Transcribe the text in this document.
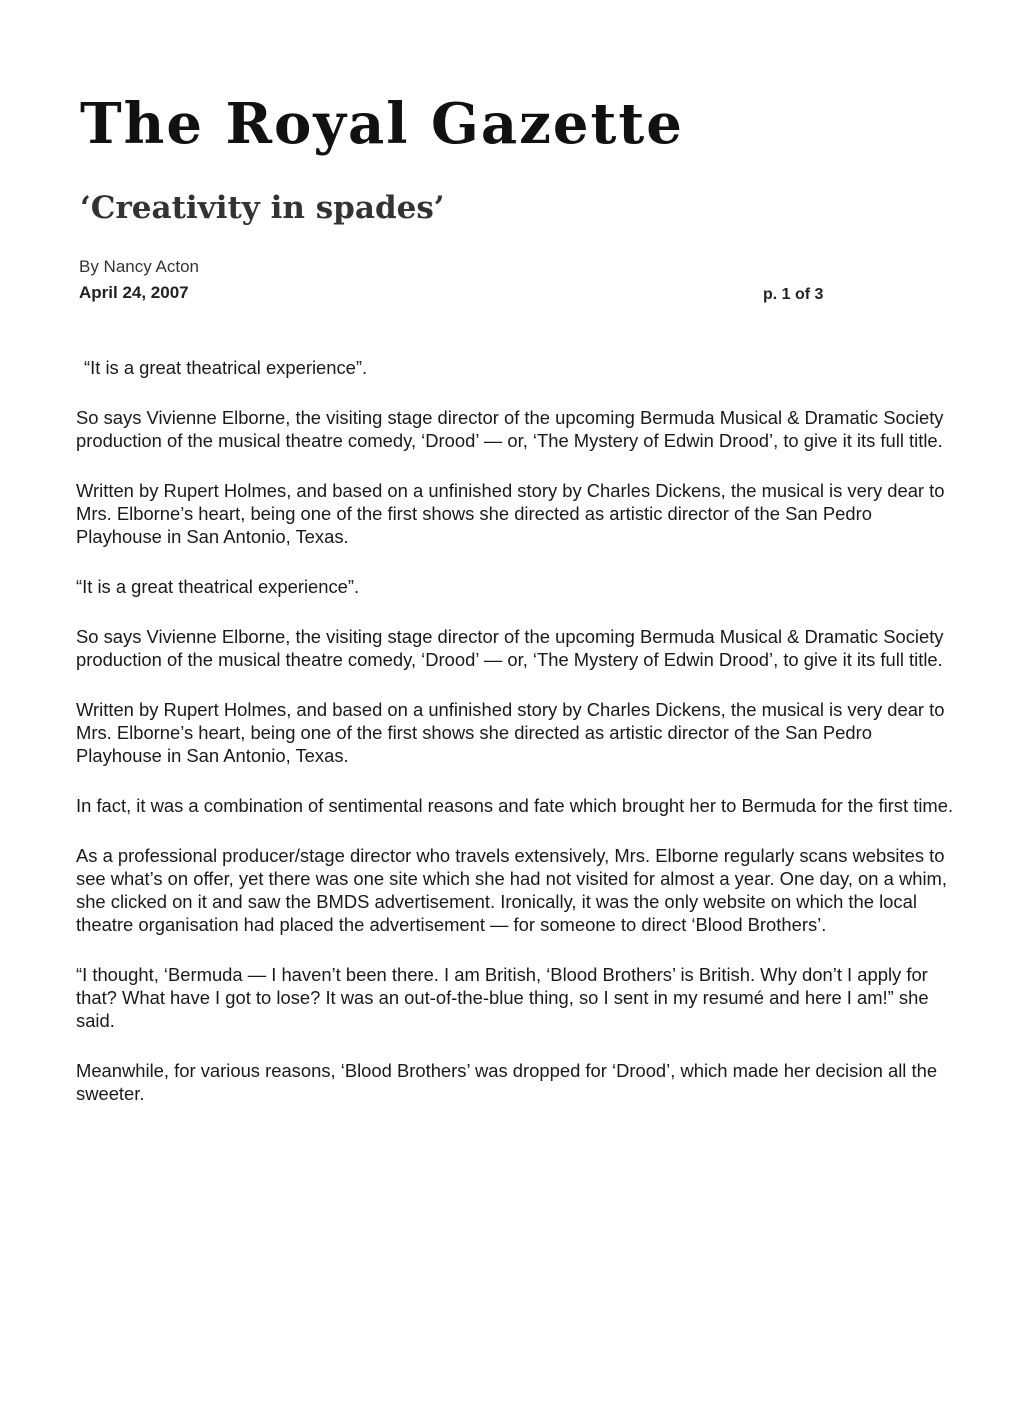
The Royal Gazette
‘Creativity in spades’
By Nancy Acton
April 24, 2007	p. 1 of 3

“It is a great theatrical experience”.

So says Vivienne Elborne, the visiting stage director of the upcoming Bermuda Musical & Dramatic Society production of the musical theatre comedy, ‘Drood’ — or, ‘The Mystery of Edwin Drood’, to give it its full title.

Written by Rupert Holmes, and based on a unfinished story by Charles Dickens, the musical is very dear to Mrs. Elborne’s heart, being one of the first shows she directed as artistic director of the San Pedro Playhouse in San Antonio, Texas.

“It is a great theatrical experience”.

So says Vivienne Elborne, the visiting stage director of the upcoming Bermuda Musical & Dramatic Society production of the musical theatre comedy, ‘Drood’ — or, ‘The Mystery of Edwin Drood’, to give it its full title.

Written by Rupert Holmes, and based on a unfinished story by Charles Dickens, the musical is very dear to Mrs. Elborne’s heart, being one of the first shows she directed as artistic director of the San Pedro Playhouse in San Antonio, Texas.

In fact, it was a combination of sentimental reasons and fate which brought her to Bermuda for the first time.

As a professional producer/stage director who travels extensively, Mrs. Elborne regularly scans websites to see what’s on offer, yet there was one site which she had not visited for almost a year. One day, on a whim, she clicked on it and saw the BMDS advertisement. Ironically, it was the only website on which the local theatre organisation had placed the advertisement — for someone to direct ‘Blood Brothers’.

“I thought, ‘Bermuda — I haven’t been there. I am British, ‘Blood Brothers’ is British. Why don’t I apply for that? What have I got to lose? It was an out-of-the-blue thing, so I sent in my resumé and here I am!” she said.

Meanwhile, for various reasons, ‘Blood Brothers’ was dropped for ‘Drood’, which made her decision all the sweeter.
